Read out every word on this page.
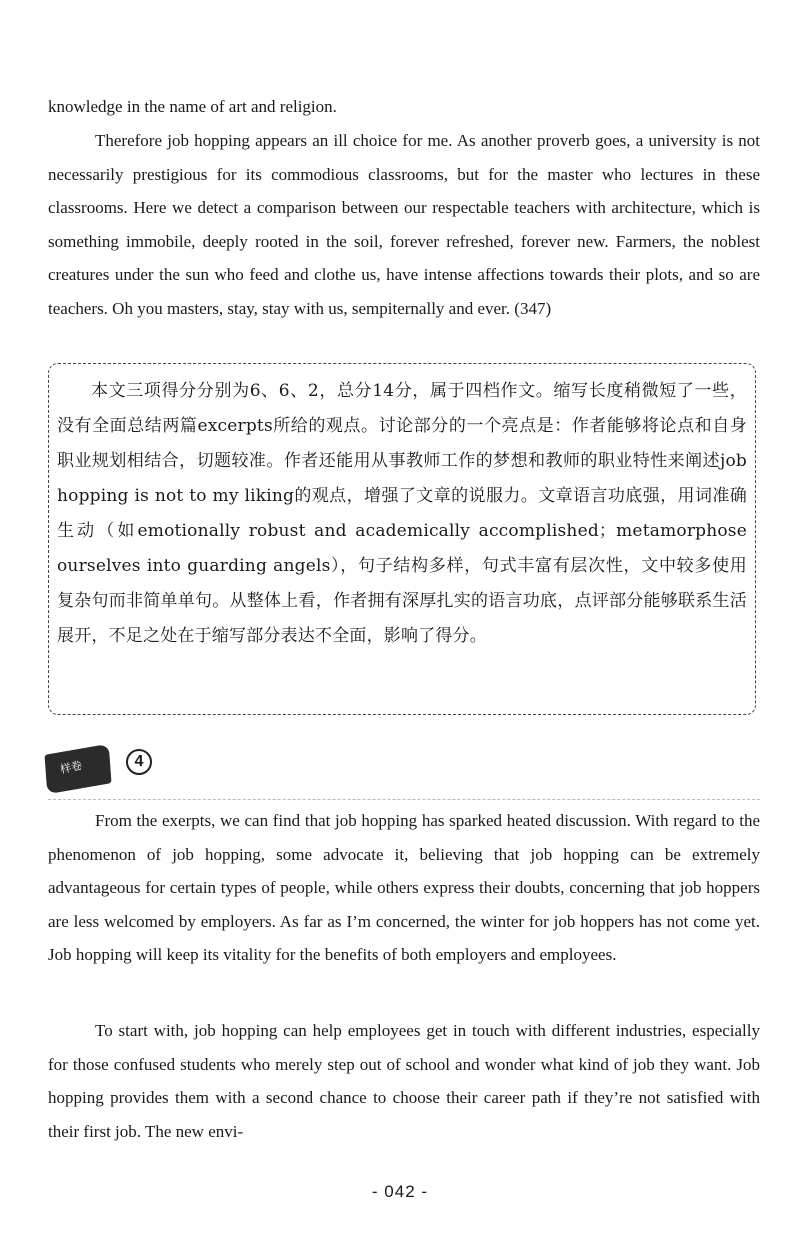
knowledge in the name of art and religion.

Therefore job hopping appears an ill choice for me. As another proverb goes, a university is not necessarily prestigious for its commodious classrooms, but for the master who lectures in these classrooms. Here we detect a comparison between our respectable teachers with architecture, which is something immobile, deeply rooted in the soil, forever refreshed, forever new. Farmers, the noblest creatures under the sun who feed and clothe us, have intense affections towards their plots, and so are teachers. Oh you masters, stay, stay with us, sempiternally and ever. (347)

本文三项得分分别为6、6、2，总分14分，属于四档作文。缩写长度稍微短了一些，没有全面总结两篇excerpts所给的观点。讨论部分的一个亮点是：作者能够将论点和自身职业规划相结合，切题较准。作者还能用从事教师工作的梦想和教师的职业特性来阐述job hopping is not to my liking的观点，增强了文章的说服力。文章语言功底强，用词准确生动（如emotionally robust and academically accomplished；metamorphose ourselves into guarding angels），句子结构多样，句式丰富有层次性，文中较多使用复杂句而非简单单句。从整体上看，作者拥有深厚扎实的语言功底，点评部分能够联系生活展开，不足之处在于缩写部分表达不全面，影响了得分。

样卷	4

From the exerpts, we can find that job hopping has sparked heated discussion. With regard to the phenomenon of job hopping, some advocate it, believing that job hopping can be extremely advantageous for certain types of people, while others express their doubts, concerning that job hoppers are less welcomed by employers. As far as I’m concerned, the winter for job hoppers has not come yet. Job hopping will keep its vitality for the benefits of both employers and employees.

To start with, job hopping can help employees get in touch with different industries, especially for those confused students who merely step out of school and wonder what kind of job they want. Job hopping provides them with a second chance to choose their career path if they’re not satisfied with their first job. The new envi-

- 042 -
